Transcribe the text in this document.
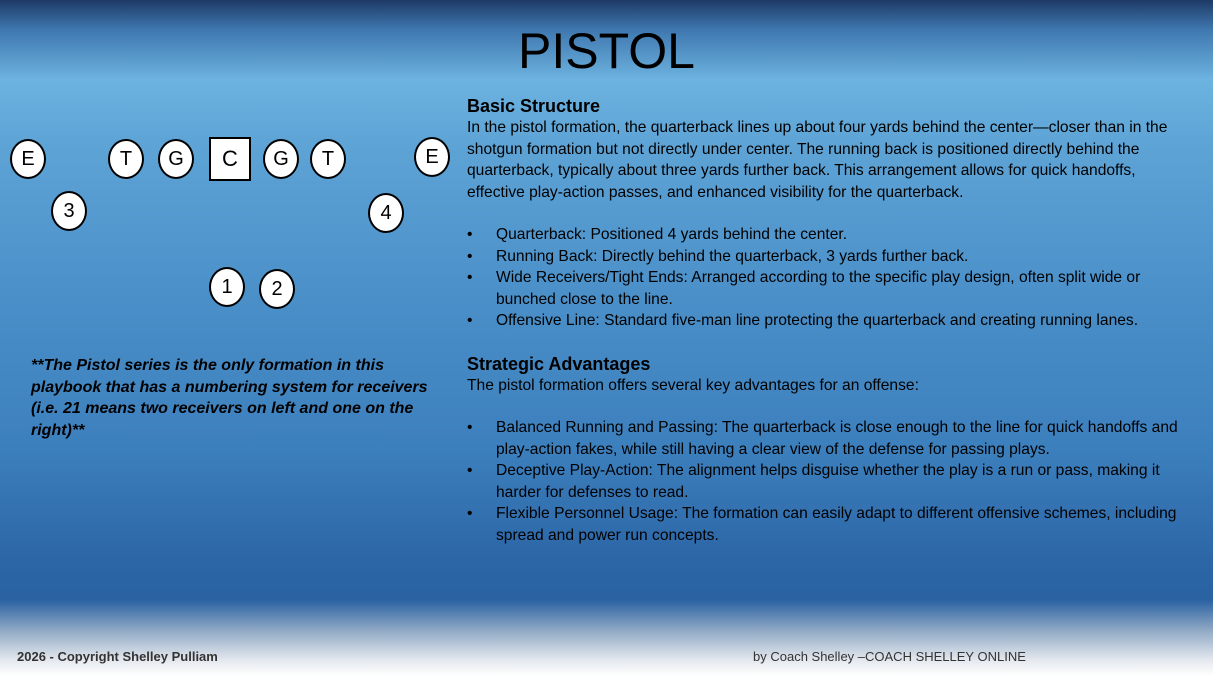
PISTOL
E	T	G	C	G	T	E
3	4
1	2
**The Pistol series is the only formation in this playbook that has a numbering system for receivers (i.e. 21 means two receivers on left and one on the right)**
Basic Structure

In the pistol formation, the quarterback lines up about four yards behind the center—closer than in the shotgun formation but not directly under center. The running back is positioned directly behind the quarterback, typically about three yards further back. This arrangement allows for quick handoffs, effective play-action passes, and enhanced visibility for the quarterback.

• Quarterback: Positioned 4 yards behind the center.
• Running Back: Directly behind the quarterback, 3 yards further back.
• Wide Receivers/Tight Ends: Arranged according to the specific play design, often split wide or bunched close to the line.
• Offensive Line: Standard five-man line protecting the quarterback and creating running lanes.
Strategic Advantages

The pistol formation offers several key advantages for an offense:

• Balanced Running and Passing: The quarterback is close enough to the line for quick handoffs and play-action fakes, while still having a clear view of the defense for passing plays.
• Deceptive Play-Action: The alignment helps disguise whether the play is a run or pass, making it harder for defenses to read.
• Flexible Personnel Usage: The formation can easily adapt to different offensive schemes, including spread and power run concepts.
2026 - Copyright Shelley Pulliam	by Coach Shelley –COACH SHELLEY ONLINE
